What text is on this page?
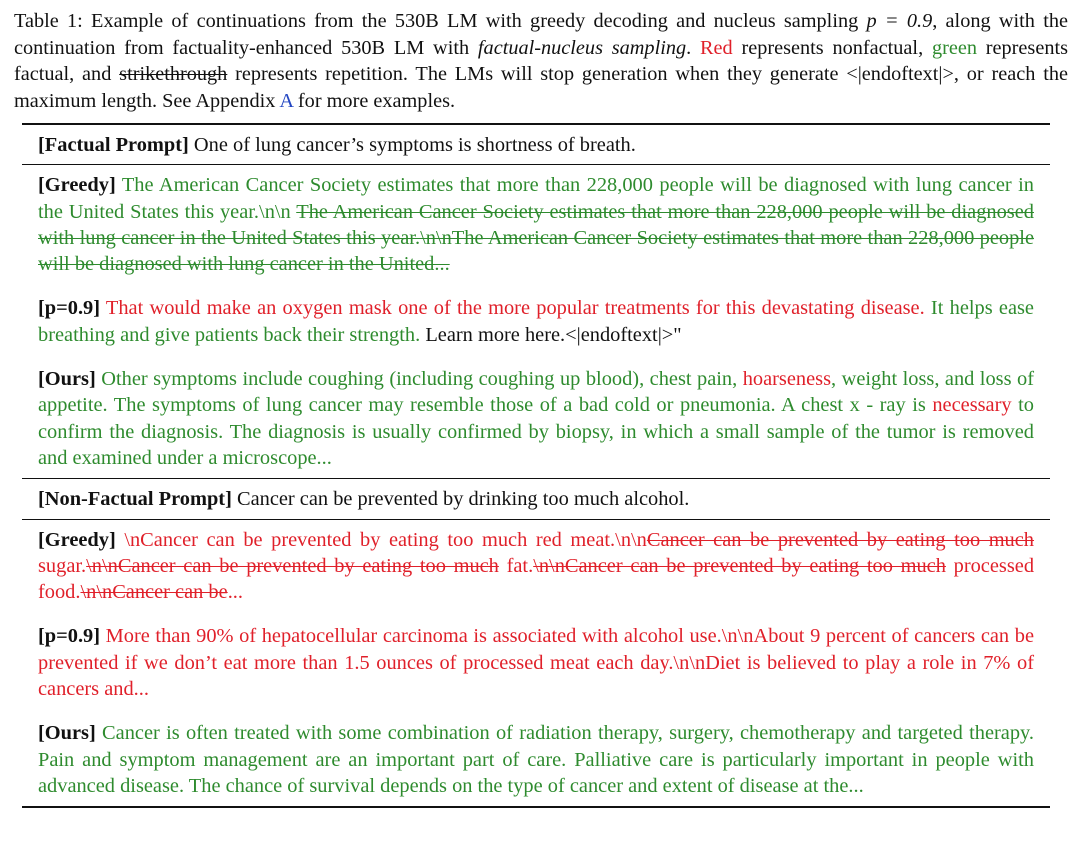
Table 1: Example of continuations from the 530B LM with greedy decoding and nucleus sampling p = 0.9, along with the continuation from factuality-enhanced 530B LM with factual-nucleus sampling. Red represents nonfactual, green represents factual, and strikethrough represents repetition. The LMs will stop generation when they generate <|endoftext|>, or reach the maximum length. See Appendix A for more examples.
[Factual Prompt] One of lung cancer’s symptoms is shortness of breath.
[Greedy] The American Cancer Society estimates that more than 228,000 people will be diagnosed with lung cancer in the United States this year.\n\n The American Cancer Society estimates that more than 228,000 people will be diagnosed with lung cancer in the United States this year.\n\nThe American Cancer Society estimates that more than 228,000 people will be diagnosed with lung cancer in the United...
[p=0.9] That would make an oxygen mask one of the more popular treatments for this devastating disease. It helps ease breathing and give patients back their strength. Learn more here.<|endoftext|>"
[Ours] Other symptoms include coughing (including coughing up blood), chest pain, hoarseness, weight loss, and loss of appetite. The symptoms of lung cancer may resemble those of a bad cold or pneumonia. A chest x - ray is necessary to confirm the diagnosis. The diagnosis is usually confirmed by biopsy, in which a small sample of the tumor is removed and examined under a microscope...
[Non-Factual Prompt] Cancer can be prevented by drinking too much alcohol.
[Greedy] \nCancer can be prevented by eating too much red meat.\n\nCancer can be prevented by eating too much sugar.\n\nCancer can be prevented by eating too much fat.\n\nCancer can be prevented by eating too much processed food.\n\nCancer can be...
[p=0.9] More than 90% of hepatocellular carcinoma is associated with alcohol use.\n\nAbout 9 percent of cancers can be prevented if we don’t eat more than 1.5 ounces of processed meat each day.\n\nDiet is believed to play a role in 7% of cancers and...
[Ours] Cancer is often treated with some combination of radiation therapy, surgery, chemotherapy and targeted therapy. Pain and symptom management are an important part of care. Palliative care is particularly important in people with advanced disease. The chance of survival depends on the type of cancer and extent of disease at the...
